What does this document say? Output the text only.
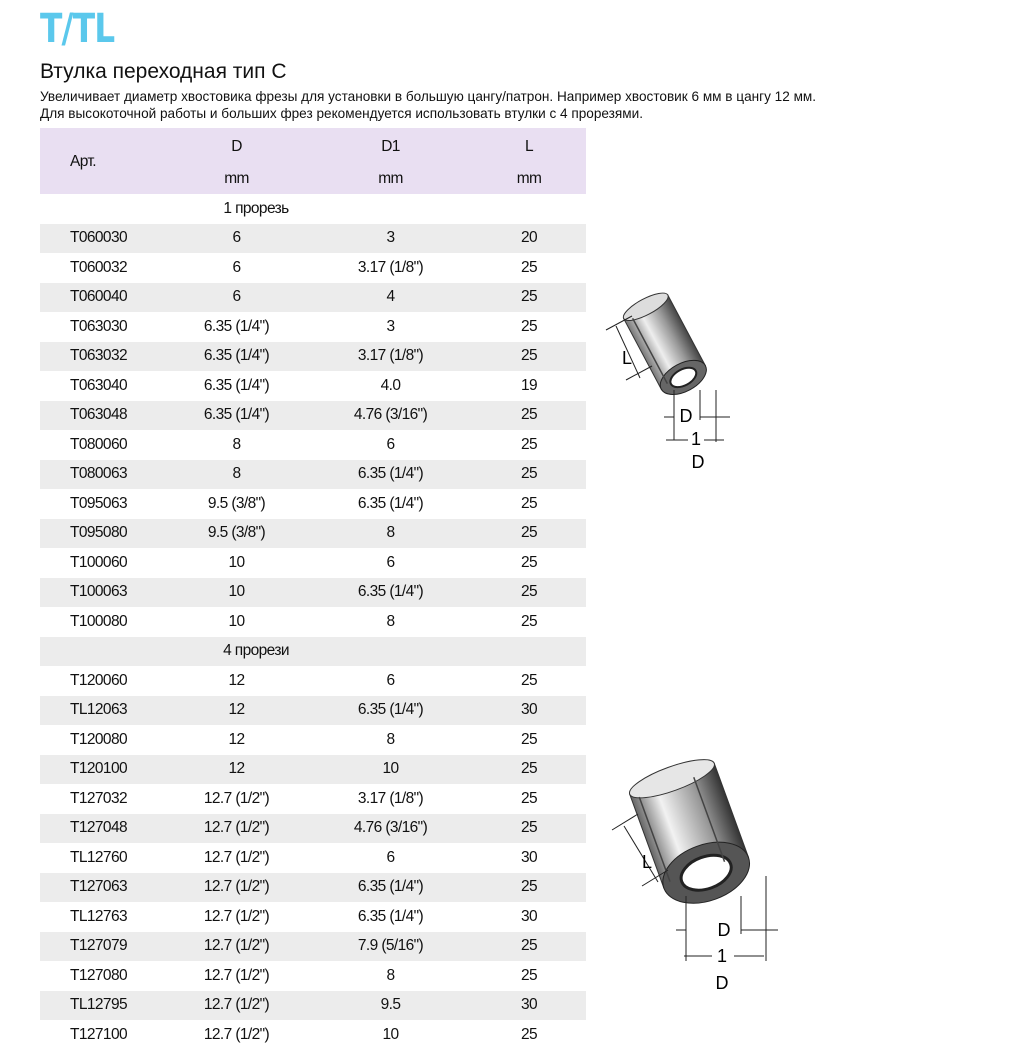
T/TL
Втулка переходная тип C
Увеличивает диаметр хвостовика фрезы для установки в большую цангу/патрон. Например хвостовик 6 мм в цангу 12 мм.
Для высокоточной работы и больших фрез рекомендуется использовать втулки с 4 прорезями.
Арт.	D	D1	L
	mm	mm	mm
1 прорезь			
T060030	6	3	20
T060032	6	3.17 (1/8")	25
T060040	6	4	25
T063030	6.35 (1/4")	3	25
T063032	6.35 (1/4")	3.17 (1/8")	25
T063040	6.35 (1/4")	4.0	19
T063048	6.35 (1/4")	4.76 (3/16")	25
T080060	8	6	25
T080063	8	6.35 (1/4")	25
T095063	9.5 (3/8")	6.35 (1/4")	25
T095080	9.5 (3/8")	8	25
T100060	10	6	25
T100063	10	6.35 (1/4")	25
T100080	10	8	25
4 прорези			
T120060	12	6	25
TL12063	12	6.35 (1/4")	30
T120080	12	8	25
T120100	12	10	25
T127032	12.7 (1/2")	3.17 (1/8")	25
T127048	12.7 (1/2")	4.76 (3/16")	25
TL12760	12.7 (1/2")	6	30
T127063	12.7 (1/2")	6.35 (1/4")	25
TL12763	12.7 (1/2")	6.35 (1/4")	30
T127079	12.7 (1/2")	7.9 (5/16")	25
T127080	12.7 (1/2")	8	25
TL12795	12.7 (1/2")	9.5	30
T127100	12.7 (1/2")	10	25
L
D
1
D
L
D
1
D
